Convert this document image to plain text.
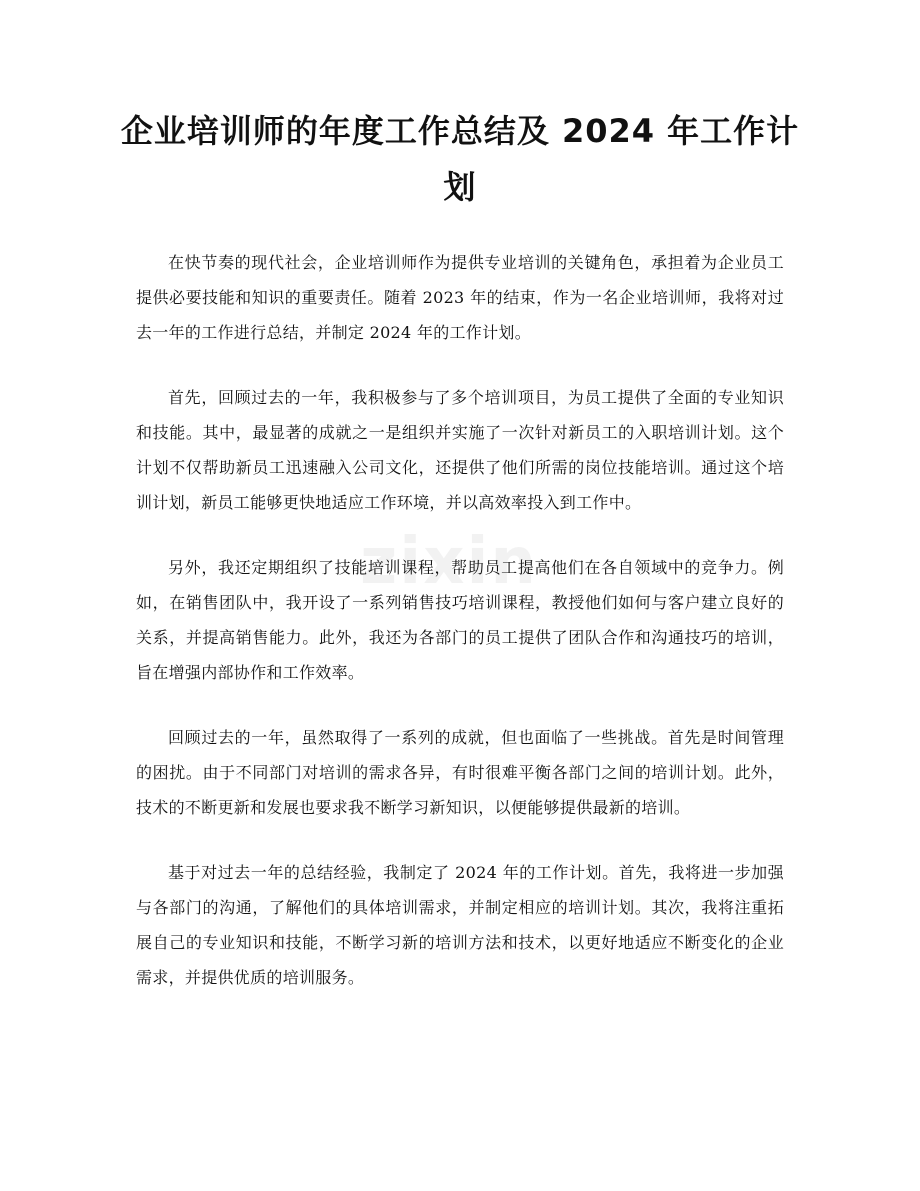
企业培训师的年度工作总结及 2024 年工作计划
zixin

在快节奏的现代社会，企业培训师作为提供专业培训的关键角色，承担着为企业员工提供必要技能和知识的重要责任。随着 2023 年的结束，作为一名企业培训师，我将对过去一年的工作进行总结，并制定 2024 年的工作计划。

首先，回顾过去的一年，我积极参与了多个培训项目，为员工提供了全面的专业知识和技能。其中，最显著的成就之一是组织并实施了一次针对新员工的入职培训计划。这个计划不仅帮助新员工迅速融入公司文化，还提供了他们所需的岗位技能培训。通过这个培训计划，新员工能够更快地适应工作环境，并以高效率投入到工作中。

另外，我还定期组织了技能培训课程，帮助员工提高他们在各自领域中的竞争力。例如，在销售团队中，我开设了一系列销售技巧培训课程，教授他们如何与客户建立良好的关系，并提高销售能力。此外，我还为各部门的员工提供了团队合作和沟通技巧的培训，旨在增强内部协作和工作效率。

回顾过去的一年，虽然取得了一系列的成就，但也面临了一些挑战。首先是时间管理的困扰。由于不同部门对培训的需求各异，有时很难平衡各部门之间的培训计划。此外，技术的不断更新和发展也要求我不断学习新知识，以便能够提供最新的培训。

基于对过去一年的总结经验，我制定了 2024 年的工作计划。首先，我将进一步加强与各部门的沟通，了解他们的具体培训需求，并制定相应的培训计划。其次，我将注重拓展自己的专业知识和技能，不断学习新的培训方法和技术，以更好地适应不断变化的企业需求，并提供优质的培训服务。
